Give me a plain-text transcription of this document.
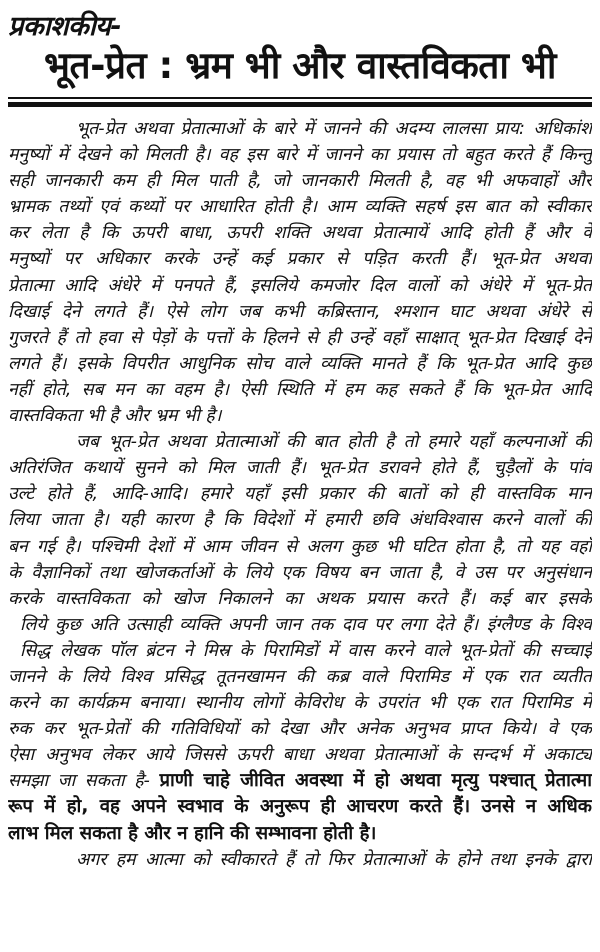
प्रकाशकीय-
भूत-प्रेत : भ्रम भी और वास्तविकता भी
भूत-प्रेत अथवा प्रेतात्माओं के बारे में जानने की अदम्य लालसा प्राय: अधिकांश
मनुष्यों में देखने को मिलती है। वह इस बारे में जानने का प्रयास तो बहुत करते हैं किन्तु
सही जानकारी कम ही मिल पाती है, जो जानकारी मिलती है, वह भी अफवाहों और
भ्रामक तथ्यों एवं कथ्यों पर आधारित होती है। आम व्यक्ति सहर्ष इस बात को स्वीकार
कर लेता है कि ऊपरी बाधा, ऊपरी शक्ति अथवा प्रेतात्मायें आदि होती हैं और वे
मनुष्यों पर अधिकार करके उन्हें कई प्रकार से पड़ित करती हैं। भूत-प्रेत अथवा
प्रेतात्मा आदि अंधेरे में पनपते हैं, इसलिये कमजोर दिल वालों को अंधेरे में भूत-प्रेत
दिखाई देने लगते हैं। ऐसे लोग जब कभी कब्रिस्तान, श्मशान घाट अथवा अंधेरे से
गुजरते हैं तो हवा से पेड़ों के पत्तों के हिलने से ही उन्हें वहाँ साक्षात् भूत-प्रेत दिखाई देने
लगते हैं। इसके विपरीत आधुनिक सोच वाले व्यक्ति मानते हैं कि भूत-प्रेत आदि कुछ
नहीं होते, सब मन का वहम है। ऐसी स्थिति में हम कह सकते हैं कि भूत-प्रेत आदि
वास्तविकता भी है और भ्रम भी है।
जब भूत-प्रेत अथवा प्रेतात्माओं की बात होती है तो हमारे यहाँ कल्पनाओं की
अतिरंजित कथायें सुनने को मिल जाती हैं। भूत-प्रेत डरावने होते हैं, चुड़ैलों के पांव
उल्टे होते हैं, आदि-आदि। हमारे यहाँ इसी प्रकार की बातों को ही वास्तविक मान
लिया जाता है। यही कारण है कि विदेशों में हमारी छवि अंधविश्वास करने वालों की
बन गई है। पश्चिमी देशों में आम जीवन से अलग कुछ भी घटित होता है, तो यह वहाँ
के वैज्ञानिकों तथा खोजकर्ताओं के लिये एक विषय बन जाता है, वे उस पर अनुसंधान
करके वास्तविकता को खोज निकालने का अथक प्रयास करते हैं। कई बार इसके
लिये कुछ अति उत्साही व्यक्ति अपनी जान तक दाव पर लगा देते हैं। इंग्लैण्ड के विश्व
सिद्ध लेखक पॉल ब्रंटन ने मिस्र के पिरामिडों में वास करने वाले भूत-प्रेतों की सच्चाई
जानने के लिये विश्व प्रसिद्ध तूतनखामन की कब्र वाले पिरामिड में एक रात व्यतीत
करने का कार्यक्रम बनाया। स्थानीय लोगों केविरोध के उपरांत भी एक रात पिरामिड में
रुक कर भूत-प्रेतों की गतिविधियों को देखा और अनेक अनुभव प्राप्त किये। वे एक
ऐसा अनुभव लेकर आये जिससे ऊपरी बाधा अथवा प्रेतात्माओं के सन्दर्भ में अकाट्य
समझा जा सकता है- प्राणी चाहे जीवित अवस्था में हो अथवा मृत्यु पश्चात् प्रेतात्मा
रूप में हो, वह अपने स्वभाव के अनुरूप ही आचरण करते हैं। उनसे न अधिक
लाभ मिल सकता है और न हानि की सम्भावना होती है।
अगर हम आत्मा को स्वीकारते हैं तो फिर प्रेतात्माओं के होने तथा इनके द्वारा
